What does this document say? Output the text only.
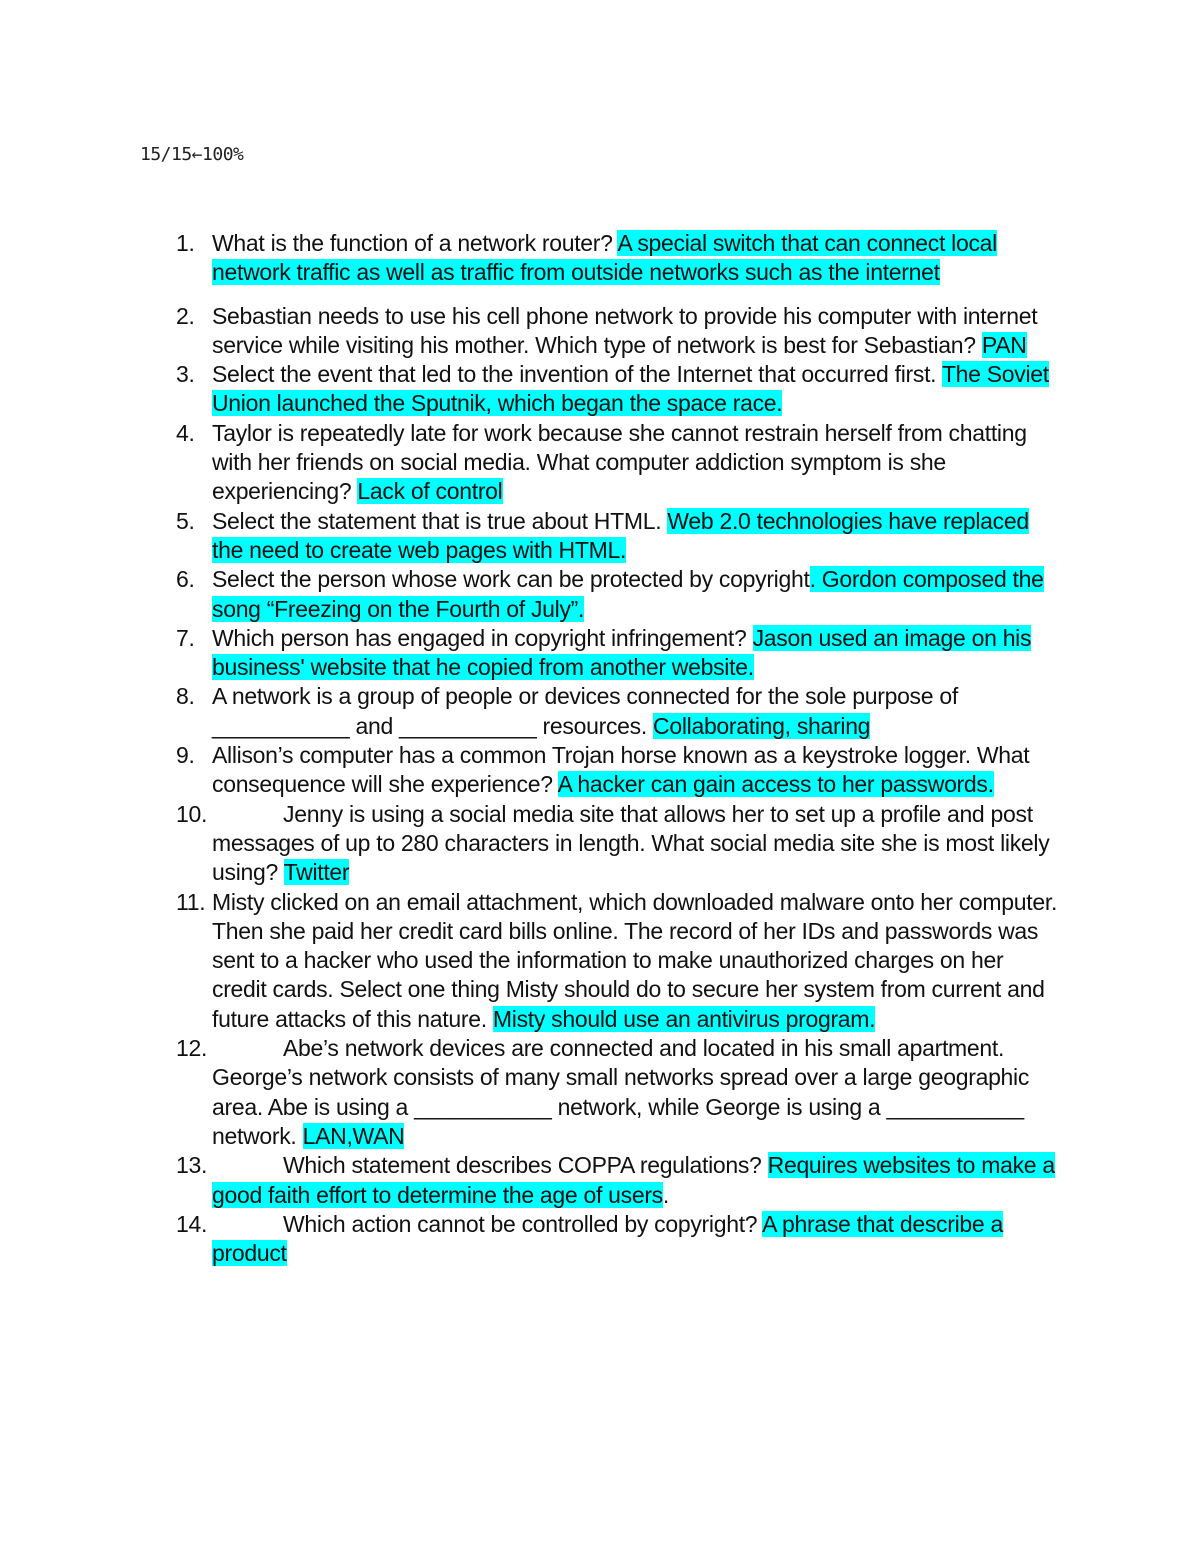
15/15←100%
1. What is the function of a network router? A special switch that can connect local network traffic as well as traffic from outside networks such as the internet
2. Sebastian needs to use his cell phone network to provide his computer with internet service while visiting his mother. Which type of network is best for Sebastian? PAN
3. Select the event that led to the invention of the Internet that occurred first. The Soviet Union launched the Sputnik, which began the space race.
4. Taylor is repeatedly late for work because she cannot restrain herself from chatting with her friends on social media. What computer addiction symptom is she experiencing? Lack of control
5. Select the statement that is true about HTML. Web 2.0 technologies have replaced the need to create web pages with HTML.
6. Select the person whose work can be protected by copyright. Gordon composed the song “Freezing on the Fourth of July”.
7. Which person has engaged in copyright infringement? Jason used an image on his business' website that he copied from another website.
8. A network is a group of people or devices connected for the sole purpose of ___________ and ___________ resources. Collaborating, sharing
9. Allison’s computer has a common Trojan horse known as a keystroke logger. What consequence will she experience? A hacker can gain access to her passwords.
10.	Jenny is using a social media site that allows her to set up a profile and post messages of up to 280 characters in length. What social media site she is most likely using? Twitter
11. Misty clicked on an email attachment, which downloaded malware onto her computer. Then she paid her credit card bills online. The record of her IDs and passwords was sent to a hacker who used the information to make unauthorized charges on her credit cards. Select one thing Misty should do to secure her system from current and future attacks of this nature. Misty should use an antivirus program.
12.	Abe’s network devices are connected and located in his small apartment. George’s network consists of many small networks spread over a large geographic area. Abe is using a ___________ network, while George is using a ___________ network. LAN,WAN
13.	Which statement describes COPPA regulations? Requires websites to make a good faith effort to determine the age of users.
14.	Which action cannot be controlled by copyright? A phrase that describe a product
